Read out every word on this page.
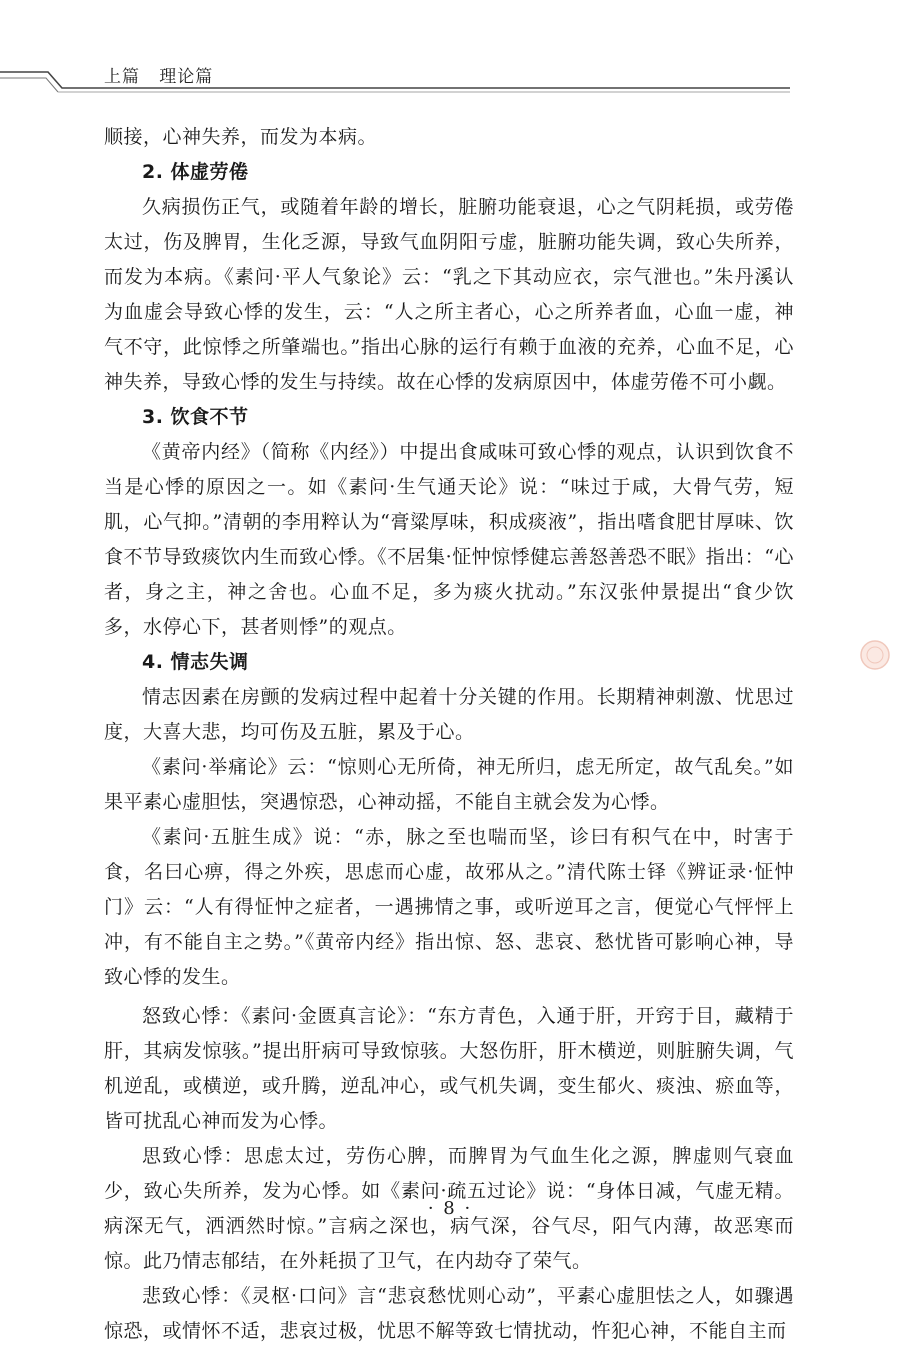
上篇   理论篇

顺接，心神失养，而发为本病。

2. 体虚劳倦

久病损伤正气，或随着年龄的增长，脏腑功能衰退，心之气阴耗损，或劳倦太过，伤及脾胃，生化乏源，导致气血阴阳亏虚，脏腑功能失调，致心失所养，而发为本病。《素问·平人气象论》云：“乳之下其动应衣，宗气泄也。”朱丹溪认为血虚会导致心悸的发生，云：“人之所主者心，心之所养者血，心血一虚，神气不守，此惊悸之所肇端也。”指出心脉的运行有赖于血液的充养，心血不足，心神失养，导致心悸的发生与持续。故在心悸的发病原因中，体虚劳倦不可小觑。

3. 饮食不节

《黄帝内经》（简称《内经》）中提出食咸味可致心悸的观点，认识到饮食不当是心悸的原因之一。如《素问·生气通天论》说：“味过于咸，大骨气劳，短肌，心气抑。”清朝的李用粹认为“膏粱厚味，积成痰液”，指出嗜食肥甘厚味、饮食不节导致痰饮内生而致心悸。《不居集·怔忡惊悸健忘善怒善恐不眠》指出：“心者，身之主，神之舍也。心血不足，多为痰火扰动。”东汉张仲景提出“食少饮多，水停心下，甚者则悸”的观点。

4. 情志失调

情志因素在房颤的发病过程中起着十分关键的作用。长期精神刺激、忧思过度，大喜大悲，均可伤及五脏，累及于心。

《素问·举痛论》云：“惊则心无所倚，神无所归，虑无所定，故气乱矣。”如果平素心虚胆怯，突遇惊恐，心神动摇，不能自主就会发为心悸。

《素问·五脏生成》说：“赤，脉之至也喘而坚，诊曰有积气在中，时害于食，名曰心痹，得之外疾，思虑而心虚，故邪从之。”清代陈士铎《辨证录·怔忡门》云：“人有得怔忡之症者，一遇拂情之事，或听逆耳之言，便觉心气怦怦上冲，有不能自主之势。”《黄帝内经》指出惊、怒、悲哀、愁忧皆可影响心神，导致心悸的发生。

怒致心悸：《素问·金匮真言论》：“东方青色，入通于肝，开窍于目，藏精于肝，其病发惊骇。”提出肝病可导致惊骇。大怒伤肝，肝木横逆，则脏腑失调，气机逆乱，或横逆，或升腾，逆乱冲心，或气机失调，变生郁火、痰浊、瘀血等，皆可扰乱心神而发为心悸。

思致心悸：思虑太过，劳伤心脾，而脾胃为气血生化之源，脾虚则气衰血少，致心失所养，发为心悸。如《素问·疏五过论》说：“身体日减，气虚无精。病深无气，洒洒然时惊。”言病之深也，病气深，谷气尽，阳气内薄，故恶寒而惊。此乃情志郁结，在外耗损了卫气，在内劫夺了荣气。

悲致心悸：《灵枢·口问》言“悲哀愁忧则心动”，平素心虚胆怯之人，如骤遇惊恐，或情怀不适，悲哀过极，忧思不解等致七情扰动，忤犯心神，不能自主而

· 8 ·
